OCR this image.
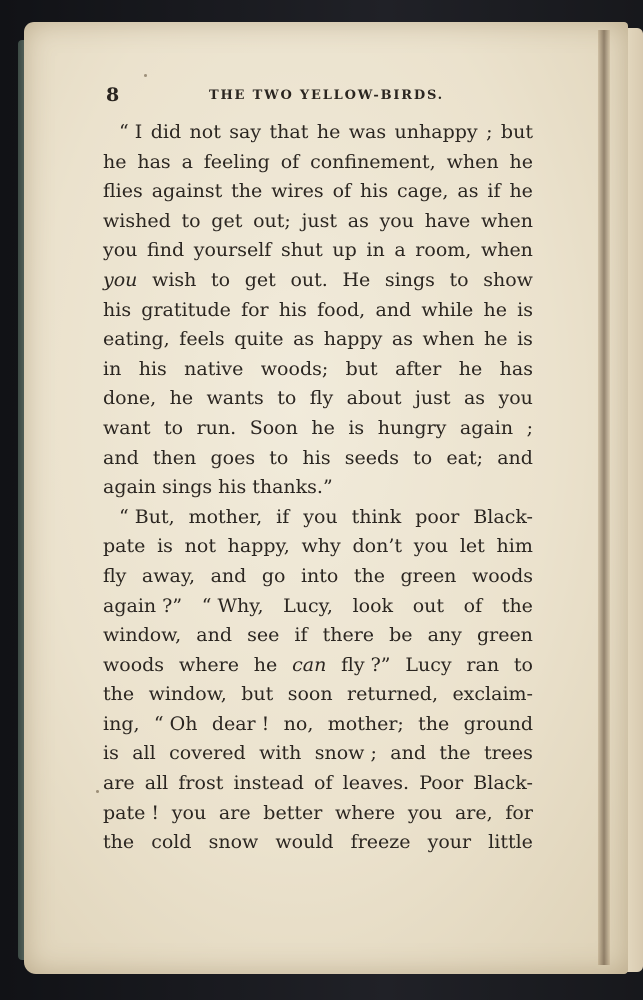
8	THE TWO YELLOW-BIRDS.
“ I did not say that he was unhappy ; but
he has a feeling of confinement, when he
flies against the wires of his cage, as if he
wished to get out; just as you have when
you find yourself shut up in a room, when
you wish to get out. He sings to show
his gratitude for his food, and while he is
eating, feels quite as happy as when he is
in his native woods; but after he has
done, he wants to fly about just as you
want to run. Soon he is hungry again ;
and then goes to his seeds to eat; and
again sings his thanks.”
“ But, mother, if you think poor Black-
pate is not happy, why don’t you let him
fly away, and go into the green woods
again ?” “ Why, Lucy, look out of the
window, and see if there be any green
woods where he can fly ?” Lucy ran to
the window, but soon returned, exclaim-
ing, “ Oh dear ! no, mother; the ground
is all covered with snow ; and the trees
are all frost instead of leaves. Poor Black-
pate ! you are better where you are, for
the cold snow would freeze your little
